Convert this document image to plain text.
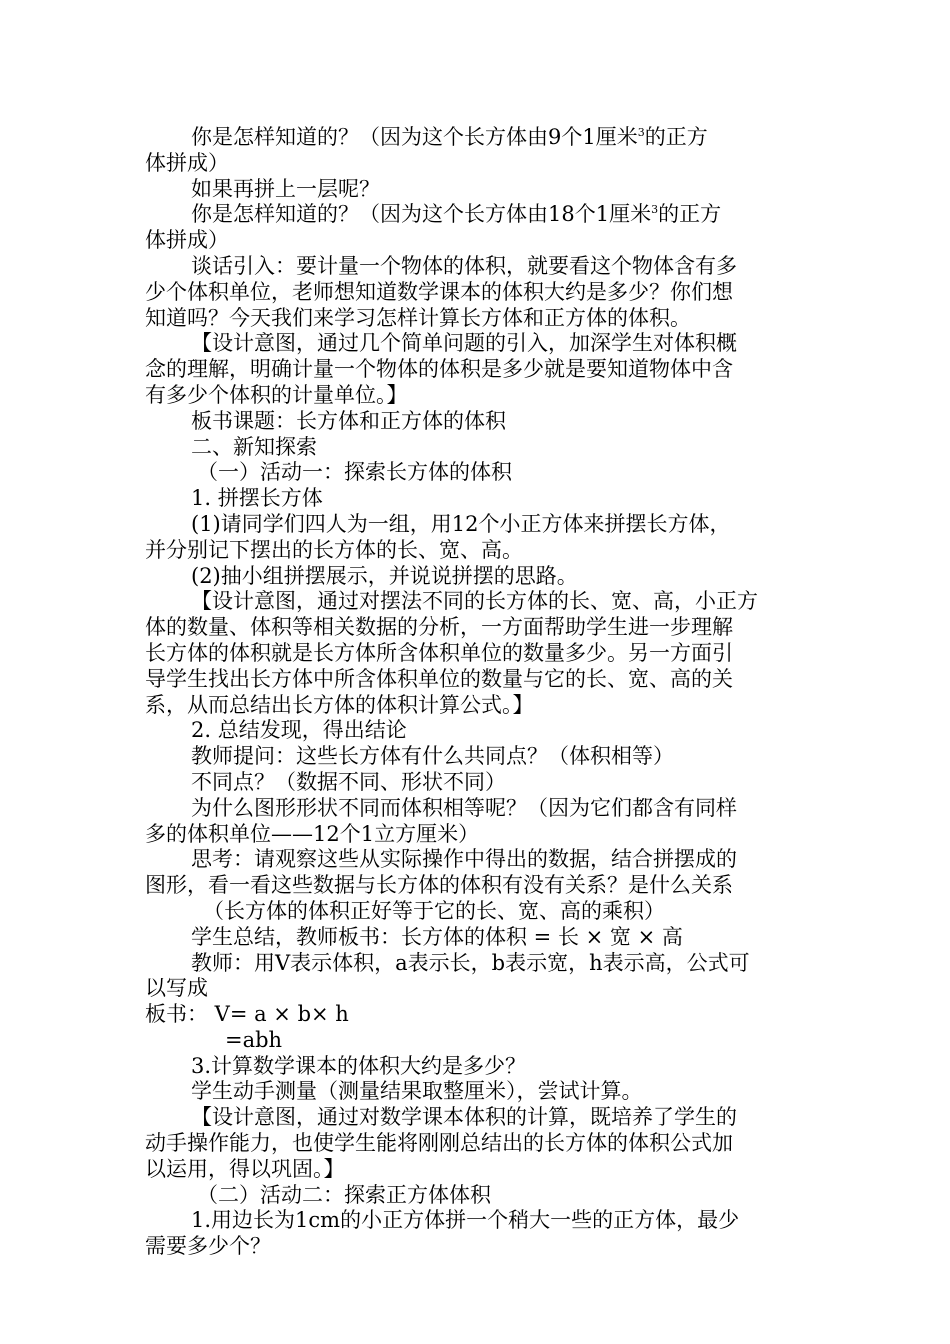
你是怎样知道的？（因为这个长方体由9个1厘米$^3$的正方
体拼成）
如果再拼上一层呢？
你是怎样知道的？（因为这个长方体由18个1厘米$^3$的正方
体拼成）
谈话引入：要计量一个物体的体积，就要看这个物体含有多
少个体积单位，老师想知道数学课本的体积大约是多少？你们想
知道吗？今天我们来学习怎样计算长方体和正方体的体积。
【设计意图，通过几个简单问题的引入，加深学生对体积概
念的理解，明确计量一个物体的体积是多少就是要知道物体中含
有多少个体积的计量单位。】
板书课题：长方体和正方体的体积
二、新知探索
（一）活动一：探索长方体的体积
1. 拼摆长方体
(1)请同学们四人为一组，用12个小正方体来拼摆长方体，
并分别记下摆出的长方体的长、宽、高。
(2)抽小组拼摆展示，并说说拼摆的思路。
【设计意图，通过对摆法不同的长方体的长、宽、高，小正方
体的数量、体积等相关数据的分析，一方面帮助学生进一步理解
长方体的体积就是长方体所含体积单位的数量多少。另一方面引
导学生找出长方体中所含体积单位的数量与它的长、宽、高的关
系，从而总结出长方体的体积计算公式。】
2. 总结发现，得出结论
教师提问：这些长方体有什么共同点？（体积相等）
不同点？（数据不同、形状不同）
为什么图形形状不同而体积相等呢？（因为它们都含有同样
多的体积单位——12个1立方厘米）
思考：请观察这些从实际操作中得出的数据，结合拼摆成的
图形，看一看这些数据与长方体的体积有没有关系？是什么关系
（长方体的体积正好等于它的长、宽、高的乘积）
学生总结，教师板书：长方体的体积 = 长 × 宽 × 高
教师：用V表示体积，a表示长，b表示宽，h表示高，公式可
以写成
板书： V= a × b× h
=abh
3.计算数学课本的体积大约是多少？
学生动手测量（测量结果取整厘米），尝试计算。
【设计意图，通过对数学课本体积的计算，既培养了学生的
动手操作能力，也使学生能将刚刚总结出的长方体的体积公式加
以运用，得以巩固。】
（二）活动二：探索正方体体积
1.用边长为1cm的小正方体拼一个稍大一些的正方体，最少
需要多少个？
